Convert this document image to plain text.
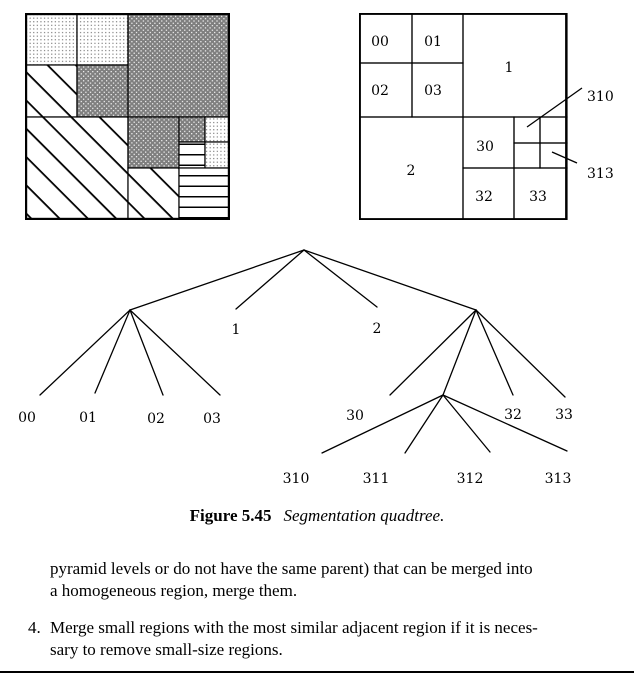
00	01
02	03
1
2
30
32	33
310
313
1	2
00	01	02	03	30	32 33
310	311	312	313
Figure 5.45 Segmentation quadtree.
pyramid levels or do not have the same parent) that can be merged into
a homogeneous region, merge them.
4. Merge small regions with the most similar adjacent region if it is neces-
sary to remove small-size regions.
